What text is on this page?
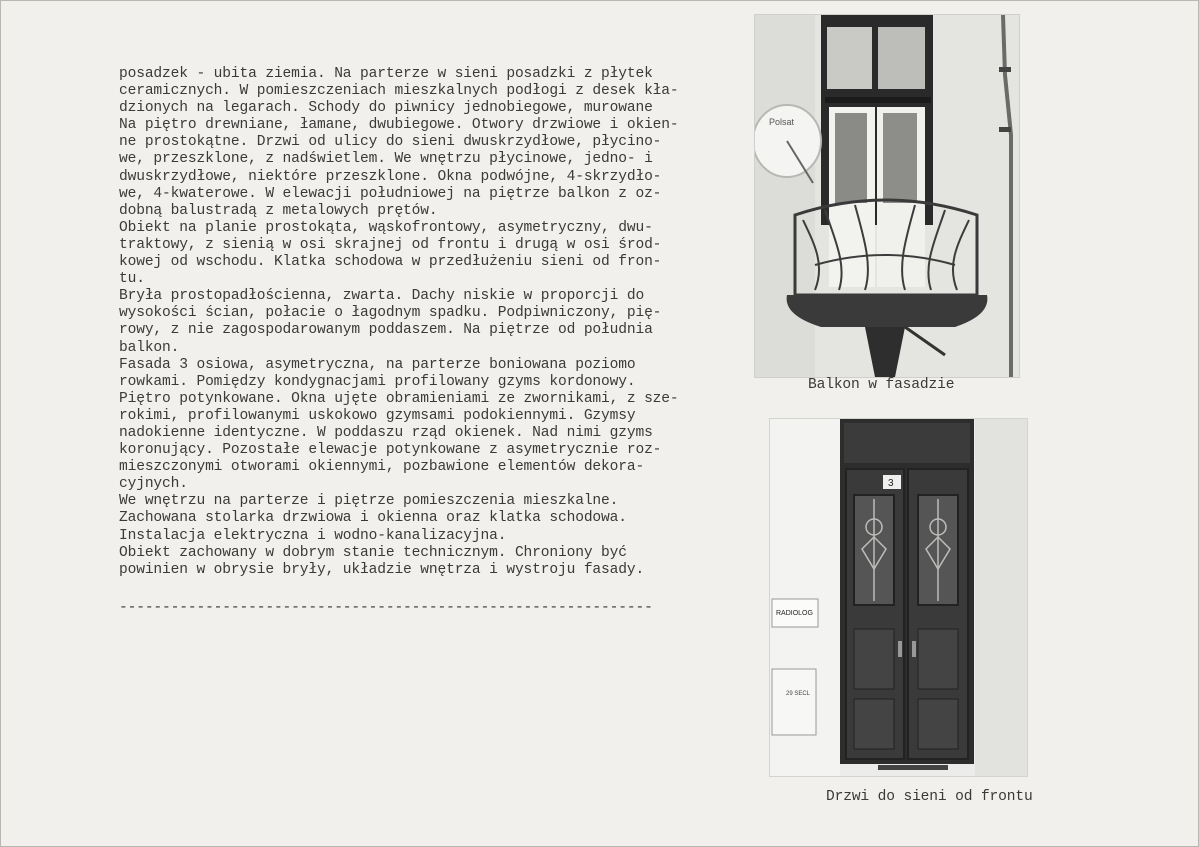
posadzek - ubita ziemia. Na parterze w sieni posadzki z płytek
ceramicznych. W pomieszczeniach mieszkalnych podłogi z desek kła-
dzionych na legarach. Schody do piwnicy jednobiegowe, murowane
Na piętro drewniane, łamane, dwubiegowe. Otwory drzwiowe i okien-
ne prostokątne. Drzwi od ulicy do sieni dwuskrzydłowe, płycino-
we, przeszklone, z nadświetlem. We wnętrzu płycinowe, jedno- i
dwuskrzydłowe, niektóre przeszklone. Okna podwójne, 4-skrzydło-
we, 4-kwaterowe. W elewacji południowej na piętrze balkon z oz-
dobną balustradą z metalowych prętów.
Obiekt na planie prostokąta, wąskofrontowy, asymetryczny, dwu-
traktowy, z sienią w osi skrajnej od frontu i drugą w osi środ-
kowej od wschodu. Klatka schodowa w przedłużeniu sieni od fron-
tu.
Bryła prostopadłościenna, zwarta. Dachy niskie w proporcji do
wysokości ścian, połacie o łagodnym spadku. Podpiwniczony, pię-
rowy, z nie zagospodarowanym poddaszem. Na piętrze od południa
balkon.
Fasada 3 osiowa, asymetryczna, na parterze boniowana poziomo
rowkami. Pomiędzy kondygnacjami profilowany gzyms kordonowy.
Piętro potynkowane. Okna ujęte obramieniami ze zwornikami, z sze-
rokimi, profilowanymi uskokowo gzymsami podokiennymi. Gzymsy
nadokienne identyczne. W poddaszu rząd okienek. Nad nimi gzyms
koronujący. Pozostałe elewacje potynkowane z asymetrycznie roz-
mieszczonymi otworami okiennymi, pozbawione elementów dekora-
cyjnych.
We wnętrzu na parterze i piętrze pomieszczenia mieszkalne.
Zachowana stolarka drzwiowa i okienna oraz klatka schodowa.
Instalacja elektryczna i wodno-kanalizacyjna.
Obiekt zachowany w dobrym stanie technicznym. Chroniony być
powinien w obrysie bryły, układzie wnętrza i wystroju fasady.
--------------------------------------------------------------
Polsat
Balkon w fasadzie
3
RADIOLOG
29 SECL
Drzwi do sieni od frontu
